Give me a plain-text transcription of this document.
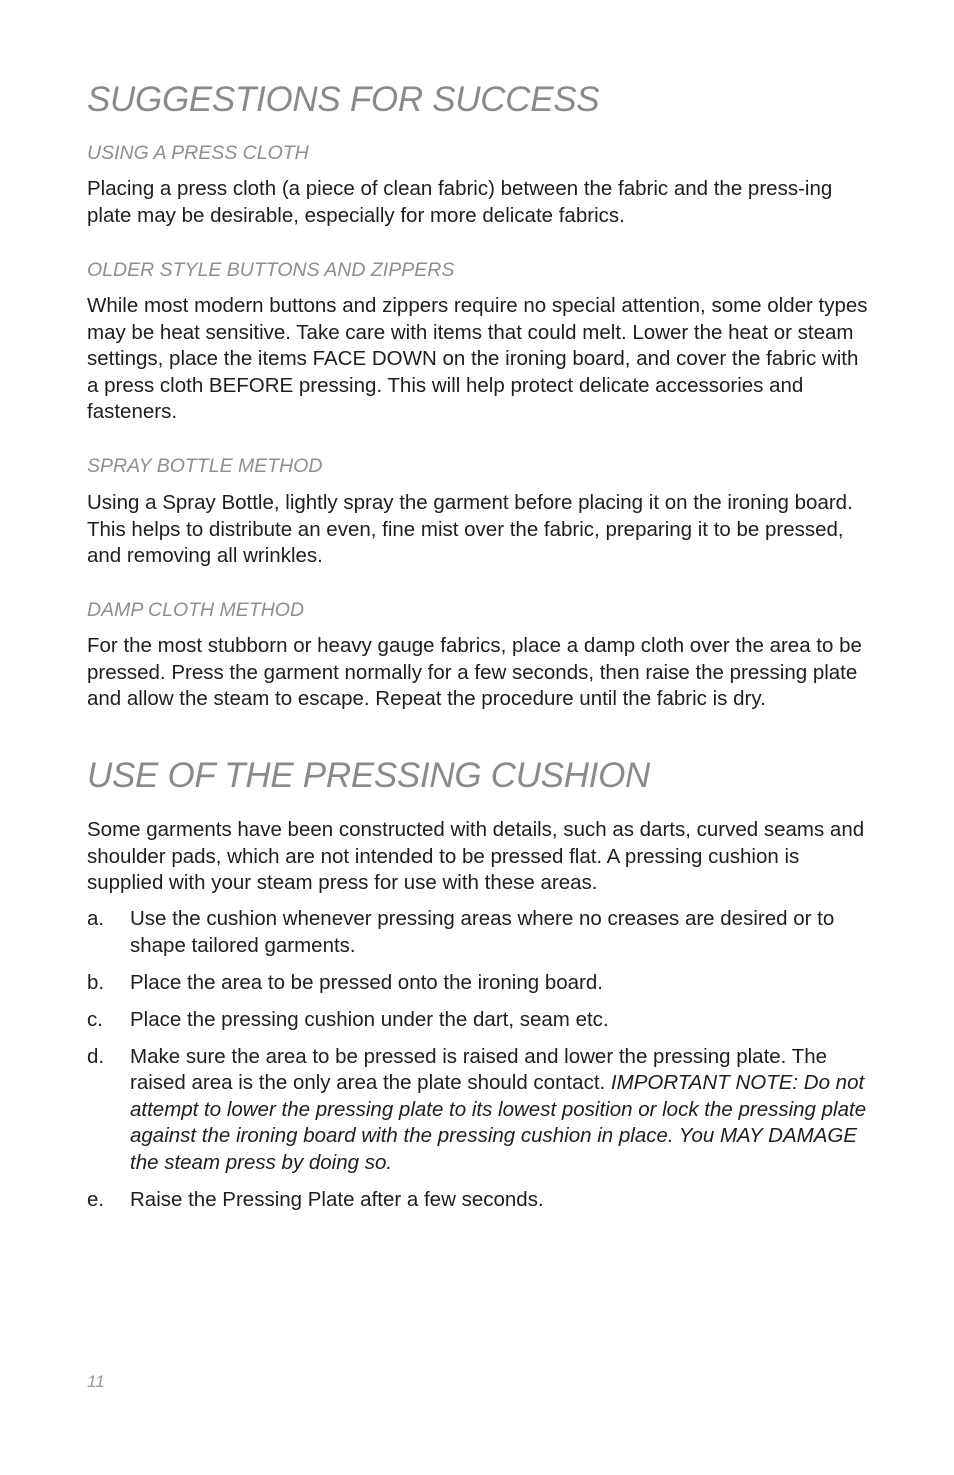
SUGGESTIONS FOR SUCCESS
USING A PRESS CLOTH

Placing a press cloth (a piece of clean fabric) between the fabric and the press-ing plate may be desirable, especially for more delicate fabrics.

OLDER STYLE BUTTONS AND ZIPPERS

While most modern buttons and zippers require no special attention, some older types may be heat sensitive. Take care with items that could melt. Lower the heat or steam settings, place the items FACE DOWN on the ironing board, and cover the fabric with a press cloth BEFORE pressing. This will help protect delicate accessories and fasteners.

SPRAY BOTTLE METHOD

Using a Spray Bottle, lightly spray the garment before placing it on the ironing board. This helps to distribute an even, fine mist over the fabric, preparing it to be pressed, and removing all wrinkles.

DAMP CLOTH METHOD

For the most stubborn or heavy gauge fabrics, place a damp cloth over the area to be pressed. Press the garment normally for a few seconds, then raise the pressing plate and allow the steam to escape. Repeat the procedure until the fabric is dry.

USE OF THE PRESSING CUSHION

Some garments have been constructed with details, such as darts, curved seams and shoulder pads, which are not intended to be pressed flat. A pressing cushion is supplied with your steam press for use with these areas.

a.	Use the cushion whenever pressing areas where no creases are desired or to shape tailored garments.
b.	Place the area to be pressed onto the ironing board.
c.	Place the pressing cushion under the dart, seam etc.
d.	Make sure the area to be pressed is raised and lower the pressing plate. The raised area is the only area the plate should contact. IMPORTANT NOTE: Do not attempt to lower the pressing plate to its lowest position or lock the pressing plate against the ironing board with the pressing cushion in place. You MAY DAMAGE the steam press by doing so.
e.	Raise the Pressing Plate after a few seconds.
11
